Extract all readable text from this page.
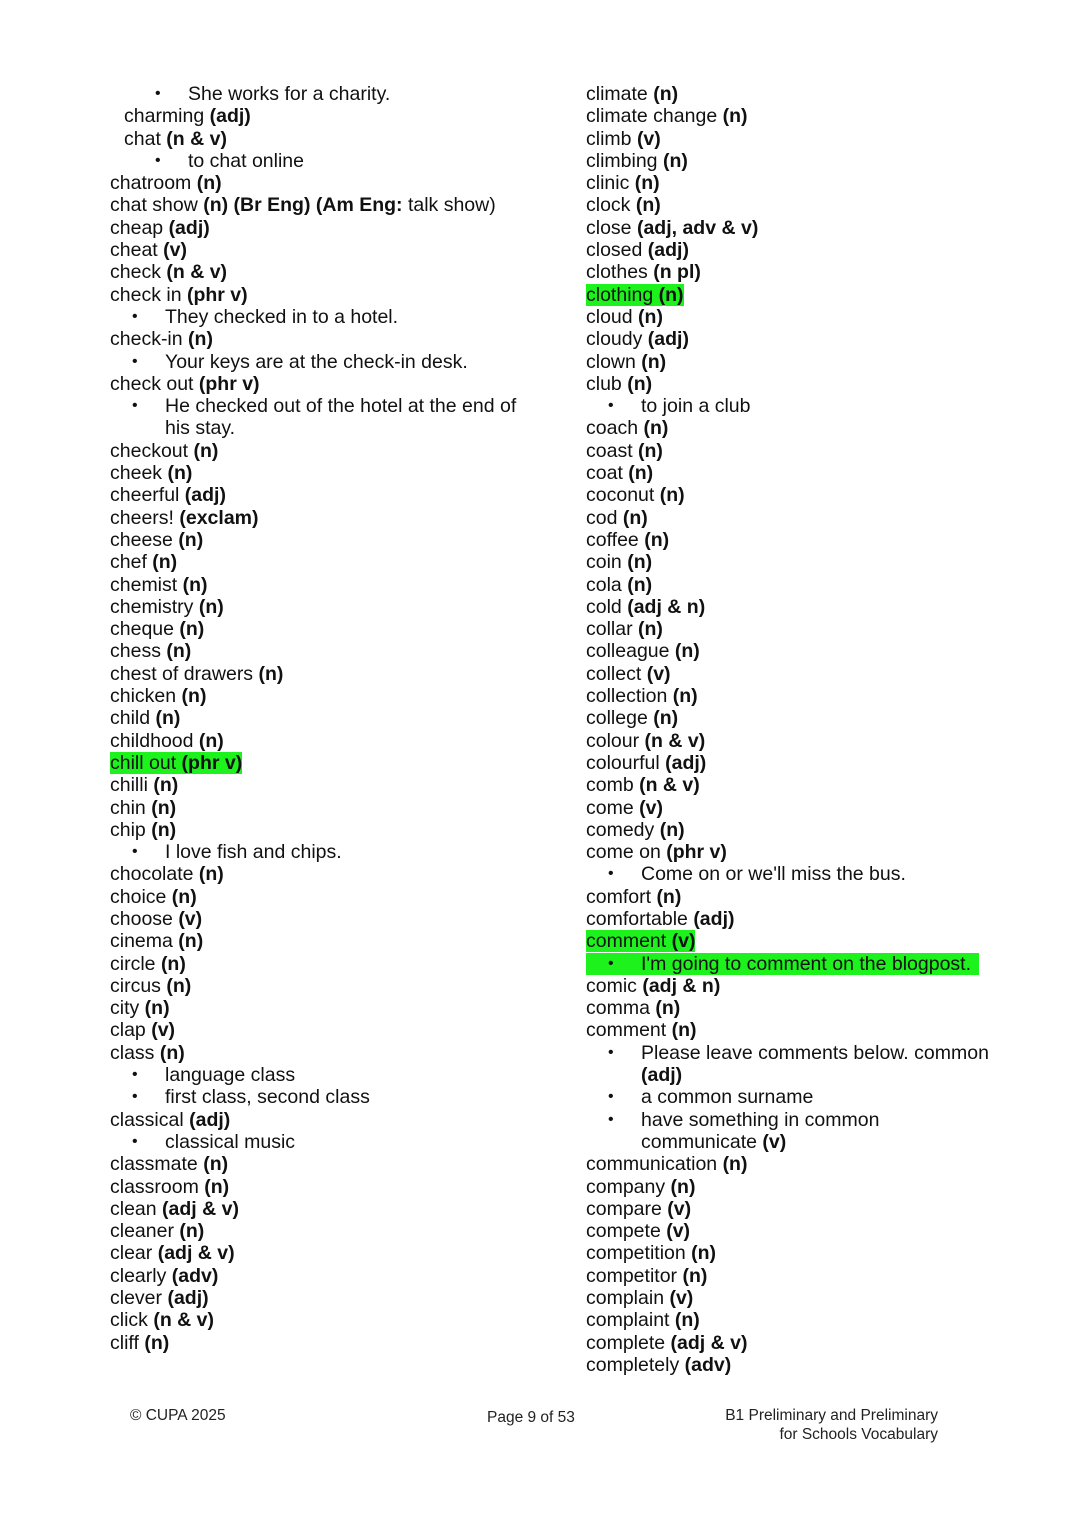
• She works for a charity.
charming (adj)
chat (n & v)
• to chat online
chatroom (n)
chat show (n) (Br Eng) (Am Eng: talk show)
cheap (adj)
cheat (v)
check (n & v)
check in (phr v)
• They checked in to a hotel.
check-in (n)
• Your keys are at the check-in desk.
check out (phr v)
• He checked out of the hotel at the end of
his stay.
checkout (n)
cheek (n)
cheerful (adj)
cheers! (exclam)
cheese (n)
chef (n)
chemist (n)
chemistry (n)
cheque (n)
chess (n)
chest of drawers (n)
chicken (n)
child (n)
childhood (n)
chill out (phr v)
chilli (n)
chin (n)
chip (n)
• I love fish and chips.
chocolate (n)
choice (n)
choose (v)
cinema (n)
circle (n)
circus (n)
city (n)
clap (v)
class (n)
• language class
• first class, second class
classical (adj)
• classical music
classmate (n)
classroom (n)
clean (adj & v)
cleaner (n)
clear (adj & v)
clearly (adv)
clever (adj)
click (n & v)
cliff (n)
climate (n)
climate change (n)
climb (v)
climbing (n)
clinic (n)
clock (n)
close (adj, adv & v)
closed (adj)
clothes (n pl)
clothing (n)
cloud (n)
cloudy (adj)
clown (n)
club (n)
• to join a club
coach (n)
coast (n)
coat (n)
coconut (n)
cod (n)
coffee (n)
coin (n)
cola (n)
cold (adj & n)
collar (n)
colleague (n)
collect (v)
collection (n)
college (n)
colour (n & v)
colourful (adj)
comb (n & v)
come (v)
comedy (n)
come on (phr v)
• Come on or we'll miss the bus.
comfort (n)
comfortable (adj)
comment (v)
• I'm going to comment on the blogpost.
comic (adj & n)
comma (n)
comment (n)
• Please leave comments below. common
(adj)
• a common surname
• have something in common
communicate (v)
communication (n)
company (n)
compare (v)
compete (v)
competition (n)
competitor (n)
complain (v)
complaint (n)
complete (adj & v)
completely (adv)
© CUPA 2025	Page 9 of 53	B1 Preliminary and Preliminary
for Schools Vocabulary
